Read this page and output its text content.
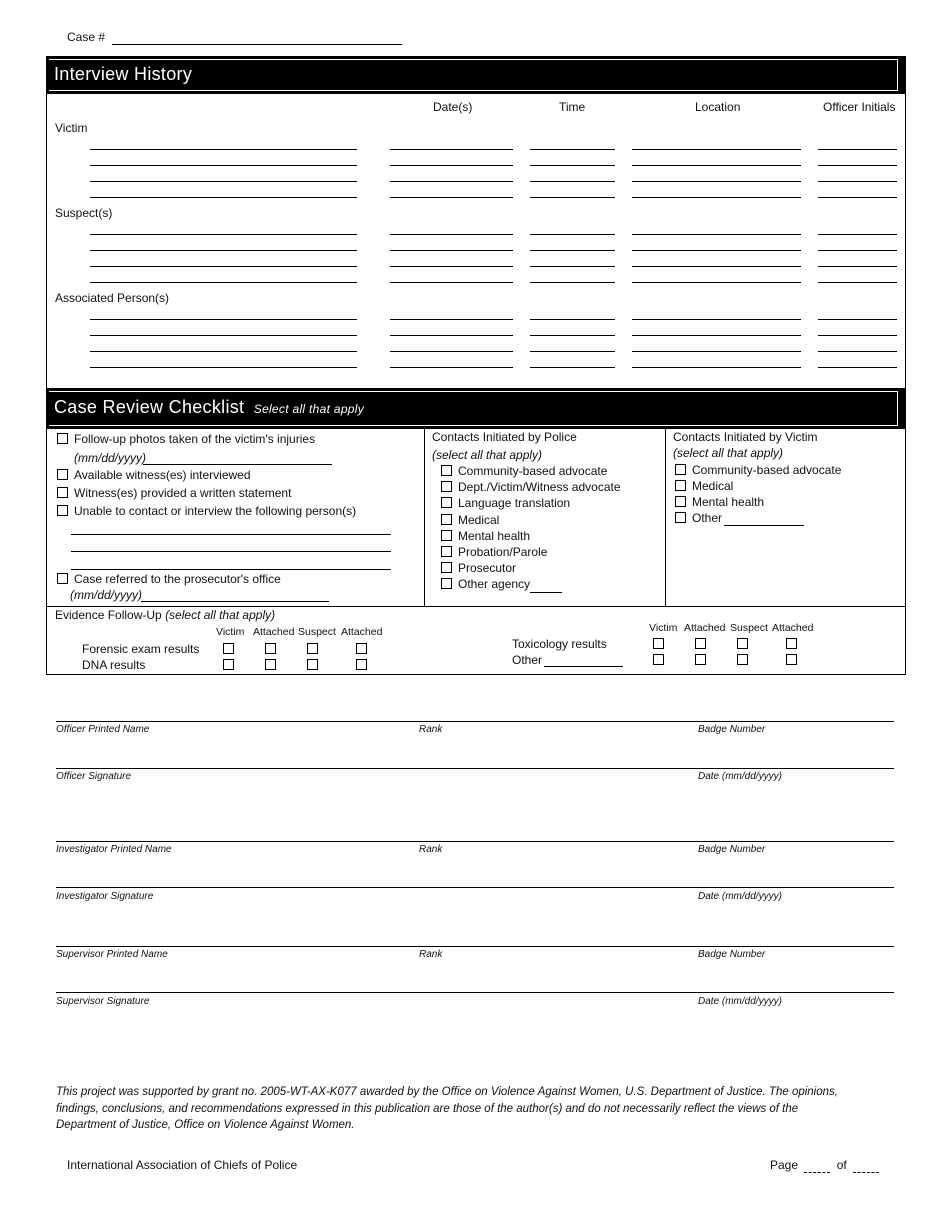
Case #
Interview History
Date(s)	Time	Location	Officer Initials
Victim
Suspect(s)
Associated Person(s)
Case Review Checklist Select all that apply
Follow-up photos taken of the victim's injuries
(mm/dd/yyyy)
Available witness(es) interviewed
Witness(es) provided a written statement
Unable to contact or interview the following person(s)
Case referred to the prosecutor's office
(mm/dd/yyyy)
Contacts Initiated by Police
(select all that apply)
Community-based advocate
Dept./Victim/Witness advocate
Language translation
Medical
Mental health
Probation/Parole
Prosecutor
Other agency
Contacts Initiated by Victim
(select all that apply)
Community-based advocate
Medical
Mental health
Other
Evidence Follow-Up (select all that apply)
Victim Attached Suspect Attached
Forensic exam results
DNA results
Victim Attached Suspect Attached
Toxicology results
Other
Officer Printed Name	Rank	Badge Number
Officer Signature	Date (mm/dd/yyyy)
Investigator Printed Name	Rank	Badge Number
Investigator Signature	Date (mm/dd/yyyy)
Supervisor Printed Name	Rank	Badge Number
Supervisor Signature	Date (mm/dd/yyyy)
This project was supported by grant no. 2005-WT-AX-K077 awarded by the Office on Violence Against Women, U.S. Department of Justice. The opinions, findings, conclusions, and recommendations expressed in this publication are those of the author(s) and do not necessarily reflect the views of the Department of Justice, Office on Violence Against Women.
International Association of Chiefs of Police	Page	of
